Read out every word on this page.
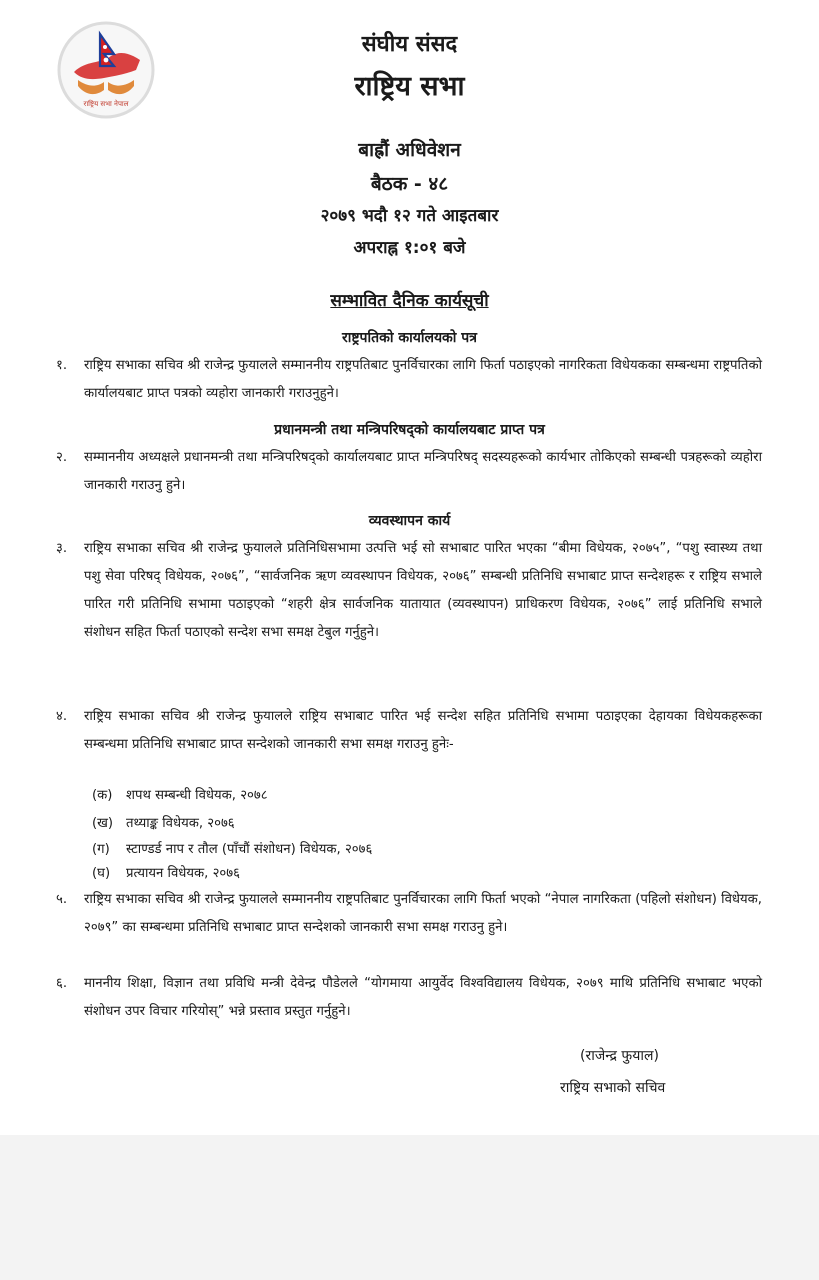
राष्ट्रिय सभा नेपाल
संघीय संसद
राष्ट्रिय सभा
बाह्रौं अधिवेशन
बैठक - ४८
२०७९ भदौ १२ गते आइतबार
अपराह्न १:०१ बजे
सम्भावित दैनिक कार्यसूची
राष्ट्रपतिको कार्यालयको पत्र
१.	राष्ट्रिय सभाका सचिव श्री राजेन्द्र फुयालले सम्माननीय राष्ट्रपतिबाट पुनर्विचारका लागि फिर्ता पठाइएको नागरिकता विधेयकका सम्बन्धमा राष्ट्रपतिको कार्यालयबाट प्राप्त पत्रको व्यहोरा जानकारी गराउनुहुने।
प्रधानमन्त्री तथा मन्त्रिपरिषद्को कार्यालयबाट प्राप्त पत्र
२.	सम्माननीय अध्यक्षले प्रधानमन्त्री तथा मन्त्रिपरिषद्को कार्यालयबाट प्राप्त मन्त्रिपरिषद् सदस्यहरूको कार्यभार तोकिएको सम्बन्धी पत्रहरूको व्यहोरा जानकारी गराउनु हुने।
व्यवस्थापन कार्य
३.	राष्ट्रिय सभाका सचिव श्री राजेन्द्र फुयालले प्रतिनिधिसभामा उत्पत्ति भई सो सभाबाट पारित भएका “बीमा विधेयक, २०७५”, “पशु स्वास्थ्य तथा पशु सेवा परिषद् विधेयक, २०७६”, “सार्वजनिक ऋण व्यवस्थापन विधेयक, २०७६” सम्बन्धी प्रतिनिधि सभाबाट प्राप्त सन्देशहरू र राष्ट्रिय सभाले पारित गरी प्रतिनिधि सभामा पठाइएको “शहरी क्षेत्र सार्वजनिक यातायात (व्यवस्थापन) प्राधिकरण विधेयक, २०७६” लाई प्रतिनिधि सभाले संशोधन सहित फिर्ता पठाएको सन्देश सभा समक्ष टेबुल गर्नुहुने।
४.	राष्ट्रिय सभाका सचिव श्री राजेन्द्र फुयालले राष्ट्रिय सभाबाट पारित भई सन्देश सहित प्रतिनिधि सभामा पठाइएका देहायका विधेयकहरूका सम्बन्धमा प्रतिनिधि सभाबाट प्राप्त सन्देशको जानकारी सभा समक्ष गराउनु हुनेः-
(क) शपथ सम्बन्धी विधेयक, २०७८
(ख) तथ्याङ्क विधेयक, २०७६
(ग) स्टाण्डर्ड नाप र तौल (पाँचौं संशोधन) विधेयक, २०७६
(घ) प्रत्यायन विधेयक, २०७६
५.	राष्ट्रिय सभाका सचिव श्री राजेन्द्र फुयालले सम्माननीय राष्ट्रपतिबाट पुनर्विचारका लागि फिर्ता भएको “नेपाल नागरिकता (पहिलो संशोधन) विधेयक, २०७९” का सम्बन्धमा प्रतिनिधि सभाबाट प्राप्त सन्देशको जानकारी सभा समक्ष गराउनु हुने।
६.	माननीय शिक्षा, विज्ञान तथा प्रविधि मन्त्री देवेन्द्र पौडेलले “योगमाया आयुर्वेद विश्वविद्यालय विधेयक, २०७९ माथि प्रतिनिधि सभाबाट भएको संशोधन उपर विचार गरियोस्” भन्ने प्रस्ताव प्रस्तुत गर्नुहुने।
(राजेन्द्र फुयाल)
राष्ट्रिय सभाको सचिव
